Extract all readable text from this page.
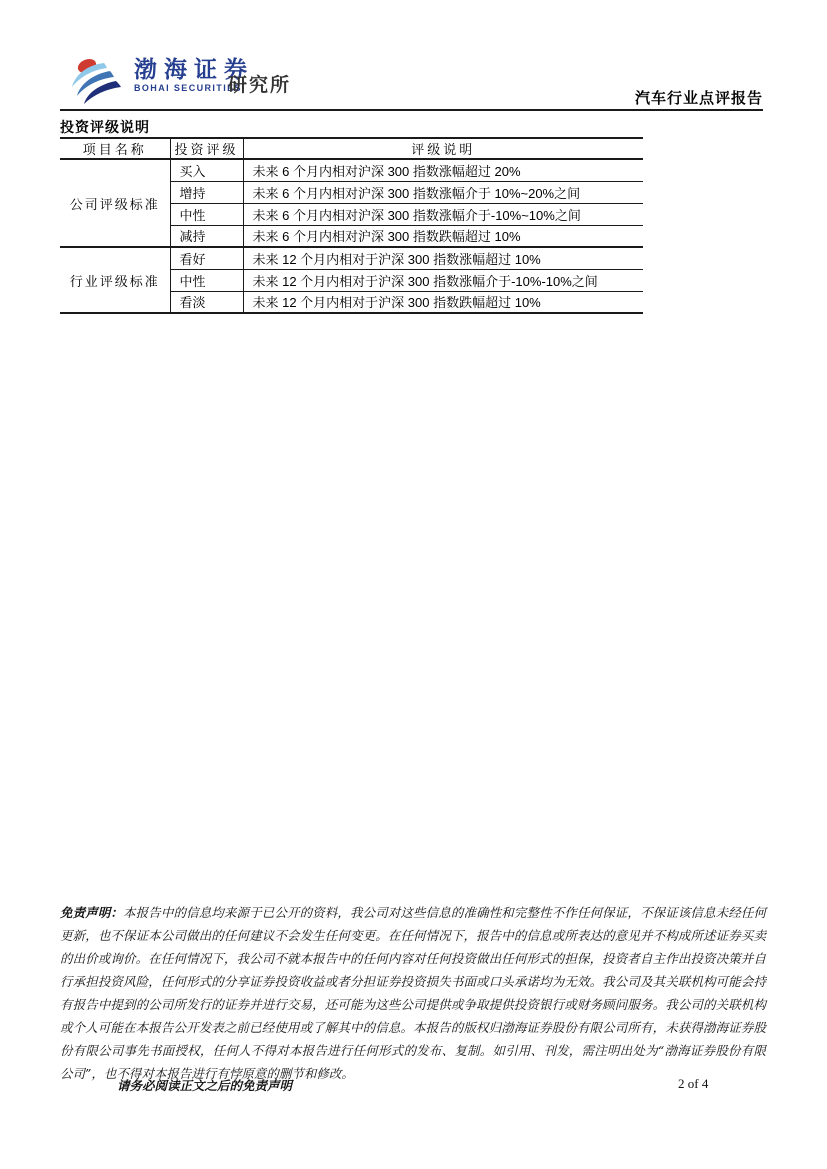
渤海证券
BOHAI SECURITIES
研究所
汽车行业点评报告
投资评级说明
项目名称	投资评级	评级说明
公司评级标准	买入	未来 6 个月内相对沪深 300 指数涨幅超过 20%
	增持	未来 6 个月内相对沪深 300 指数涨幅介于 10%~20%之间
	中性	未来 6 个月内相对沪深 300 指数涨幅介于-10%~10%之间
	减持	未来 6 个月内相对沪深 300 指数跌幅超过 10%
行业评级标准	看好	未来 12 个月内相对于沪深 300 指数涨幅超过 10%
	中性	未来 12 个月内相对于沪深 300 指数涨幅介于-10%-10%之间
	看淡	未来 12 个月内相对于沪深 300 指数跌幅超过 10%
免责声明：本报告中的信息均来源于已公开的资料，我公司对这些信息的准确性和完整性不作任何保证，不保证该信息未经任何更新，也不保证本公司做出的任何建议不会发生任何变更。在任何情况下，报告中的信息或所表达的意见并不构成所述证券买卖的出价或询价。在任何情况下，我公司不就本报告中的任何内容对任何投资做出任何形式的担保，投资者自主作出投资决策并自行承担投资风险，任何形式的分享证券投资收益或者分担证券投资损失书面或口头承诺均为无效。我公司及其关联机构可能会持有报告中提到的公司所发行的证券并进行交易，还可能为这些公司提供或争取提供投资银行或财务顾问服务。我公司的关联机构或个人可能在本报告公开发表之前已经使用或了解其中的信息。本报告的版权归渤海证券股份有限公司所有，未获得渤海证券股份有限公司事先书面授权，任何人不得对本报告进行任何形式的发布、复制。如引用、刊发，需注明出处为“渤海证券股份有限公司”，也不得对本报告进行有悖原意的删节和修改。
请务必阅读正文之后的免责声明	2 of 4
